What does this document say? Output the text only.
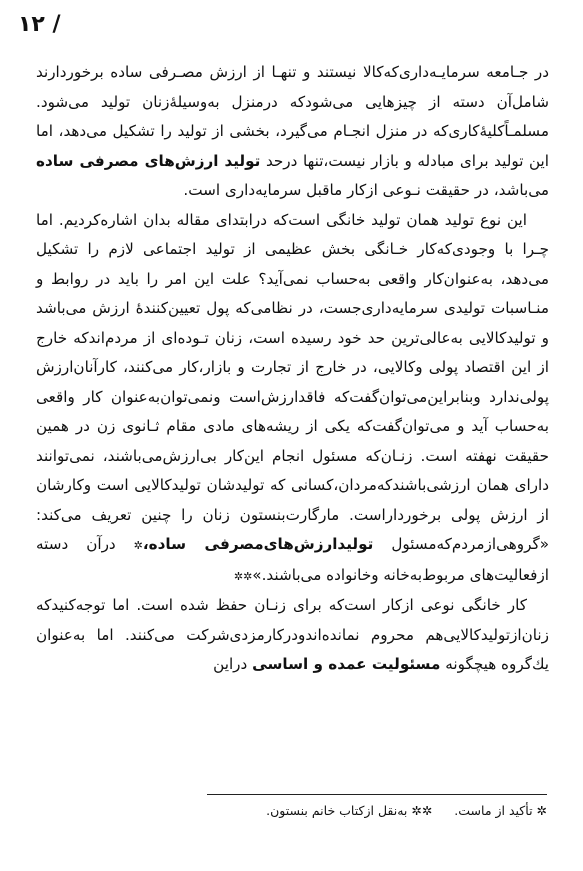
۱۲ /

در جـامعه سرمایـه‌داری‌که‌کالا نیستند و تنهـا از ارزش مصـرفی ساده برخوردارند شامل‌آن دسته از چیزهایی می‌شودکه درمنزل به‌وسیلهٔ‌زنان تولید می‌شود. مسلمـاًکلیهٔ‌کاری‌که در منزل انجـام می‌گیرد، بخشی از تولید را تشکیل می‌دهد، اما این تولید برای مبادله و بازار نیست،تنها درحد تولید ارزش‌های مصرفی ساده می‌باشد، در حقیقت نـوعی ازکار ماقبل سرمایه‌داری است.

این نوع تولید همان تولید خانگی است‌که درابتدای مقاله بدان اشاره‌کردیم. اما چـرا با وجودی‌که‌کار خـانگی بخش عظیمی از تولید اجتماعی لازم را تشکیل می‌دهد، به‌عنوان‌کار واقعی به‌حساب نمی‌آید؟ علت این امر را باید در روابط و منـاسبات تولیدی سرمایه‌داری‌جست، در نظامی‌که پول تعیین‌کنندهٔ ارزش می‌باشد و تولیدکالایی به‌عالی‌ترین حد خود رسیده است، زنان تـوده‌ای از مردم‌اندکه خارج از این اقتصاد پولی وکالایی، در خارج از تجارت و بازار،کار می‌کنند، کارآنان‌ارزش پولی‌ندارد وبنابراین‌می‌توان‌گفت‌که فاقدارزش‌است ونمی‌توان‌به‌عنوان کار واقعی به‌حساب آید و می‌توان‌گفت‌که یکی از ریشه‌های مادی مقام ثـانوی زن در همین حقیقت نهفته است. زنـان‌که مسئول انجام این‌کار بی‌ارزش‌می‌باشند، نمی‌توانند دارای همان ارزشی‌باشندکه‌مردان،کسانی که تولیدشان تولیدکالایی است وکارشان از ارزش پولی برخورداراست. مارگارت‌بنستون زنان را چنین تعریف می‌کند: «گروهی‌ازمردم‌که‌مسئول تولیدارزش‌های‌مصرفی ساده،✲ درآن دسته ازفعالیت‌های مربوط‌به‌خانه وخانواده می‌باشند.»✲✲

کار خانگی نوعی ازکار است‌که برای زنـان حفظ شده است. اما توجه‌کنیدکه زنان‌ازتولیدکالایی‌هم محروم نمانده‌اندو‌درکارمزدی‌شرکت می‌کنند. اما به‌عنوان یك‌گروه هیچگونه مسئولیت عمده و اساسی دراین

✲ تأکید از ماست. ✲✲ به‌نقل ازکتاب خانم بنستون.
